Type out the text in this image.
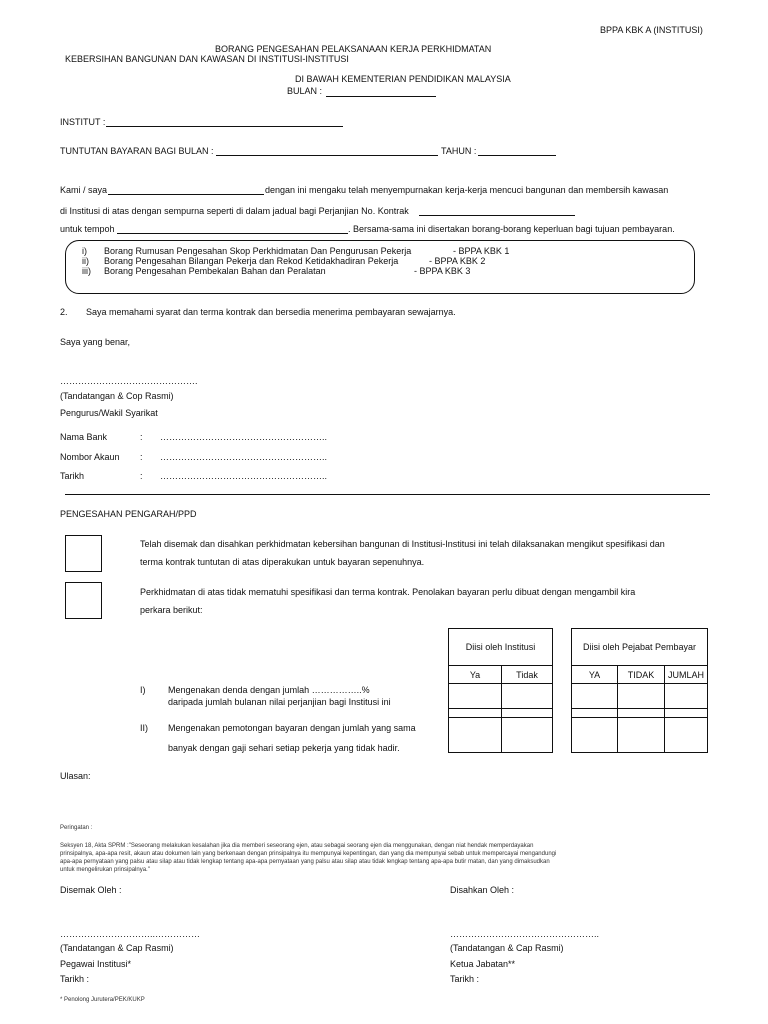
BPPA KBK A (INSTITUSI)
BORANG PENGESAHAN PELAKSANAAN KERJA PERKHIDMATAN
KEBERSIHAN BANGUNAN DAN KAWASAN DI INSTITUSI-INSTITUSI
DI BAWAH KEMENTERIAN PENDIDIKAN MALAYSIA
BULAN :
INSTITUT :
TUNTUTAN BAYARAN BAGI BULAN :	TAHUN :
Kami / saya	dengan ini mengaku telah menyempurnakan kerja-kerja mencuci bangunan dan membersih kawasan
di Institusi di atas dengan sempurna seperti di dalam jadual bagi Perjanjian No. Kontrak
untuk tempoh	. Bersama-sama ini disertakan borang-borang keperluan bagi tujuan pembayaran.
i) Borang Rumusan Pengesahan Skop Perkhidmatan Dan Pengurusan Pekerja	- BPPA KBK 1
ii) Borang Pengesahan Bilangan Pekerja dan Rekod Ketidakhadiran Pekerja	- BPPA KBK 2
iii) Borang Pengesahan Pembekalan Bahan dan Peralatan	- BPPA KBK 3
2. Saya memahami syarat dan terma kontrak dan bersedia menerima pembayaran sewajarnya.
Saya yang benar,
……………………………………….
(Tandatangan & Cop Rasmi)
Pengurus/Wakil Syarikat
Nama Bank	: ………………………………………………..
Nombor Akaun : ………………………………………………..
Tarikh	: ………………………………………………..
PENGESAHAN PENGARAH/PPD
Telah disemak dan disahkan perkhidmatan kebersihan bangunan di Institusi-Institusi ini telah dilaksanakan mengikut spesifikasi dan
terma kontrak tuntutan di atas diperakukan untuk bayaran sepenuhnya.
Perkhidmatan di atas tidak mematuhi spesifikasi dan terma kontrak. Penolakan bayaran perlu dibuat dengan mengambil kira
perkara berikut:
I)	Mengenakan denda dengan jumlah ……………..%
daripada jumlah bulanan nilai perjanjian bagi Institusi ini
II) Mengenakan pemotongan bayaran dengan jumlah yang sama
banyak dengan gaji sehari setiap pekerja yang tidak hadir.
Diisi oleh Institusi	
Ya	Tidak

Diisi oleh Pejabat Pembayar		
YA	TIDAK	JUMLAH

Ulasan:
Peringatan :
Seksyen 18, Akta SPRM :"Seseorang melakukan kesalahan jika dia memberi seseorang ejen, atau sebagai seorang ejen dia menggunakan, dengan niat hendak memperdayakan
prinsipalnya, apa-apa resit, akaun atau dokumen lain yang berkenaan dengan prinsipalnya itu mempunyai kepentingan, dan yang dia mempunyai sebab untuk mempercayai mengandungi
apa-apa pernyataan yang palsu atau silap atau tidak lengkap tentang apa-apa pernyataan yang palsu atau silap atau tidak lengkap tentang apa-apa butir matan, dan yang dimaksudkan
untuk mengelirukan prinsipalnya."
Disemak Oleh :
…………………………..……………
(Tandatangan & Cap Rasmi)
Pegawai Institusi*
Tarikh :
Disahkan Oleh :
…………………………………………..
(Tandatangan & Cap Rasmi)
Ketua Jabatan**
Tarikh :
* Penolong Jurutera/PEK/KUKP
